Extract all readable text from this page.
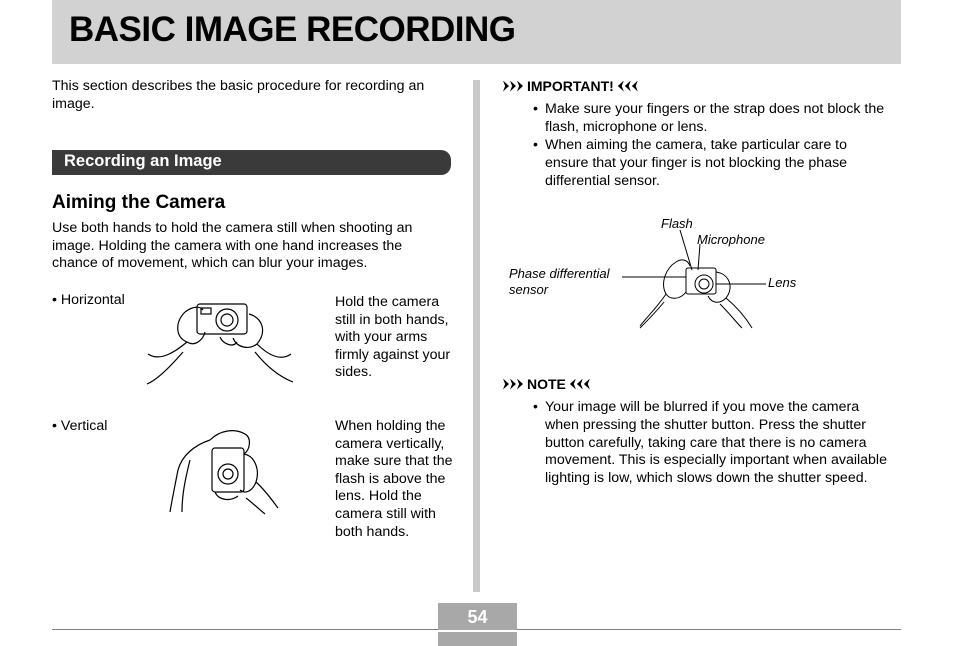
BASIC IMAGE RECORDING
This section describes the basic procedure for recording an image.
Recording an Image
Aiming the Camera
Use both hands to hold the camera still when shooting an image. Holding the camera with one hand increases the chance of movement, which can blur your images.
• Horizontal	Hold the camera still in both hands, with your arms firmly against your sides.
• Vertical	When holding the camera vertically, make sure that the flash is above the lens. Hold the camera still with both hands.
IMPORTANT!
• Make sure your fingers or the strap does not block the flash, microphone or lens.
• When aiming the camera, take particular care to ensure that your finger is not blocking the phase differential sensor.
Flash
Microphone
Phase differential sensor	Lens
NOTE
• Your image will be blurred if you move the camera when pressing the shutter button. Press the shutter button carefully, taking care that there is no camera movement. This is especially important when available lighting is low, which slows down the shutter speed.
54
